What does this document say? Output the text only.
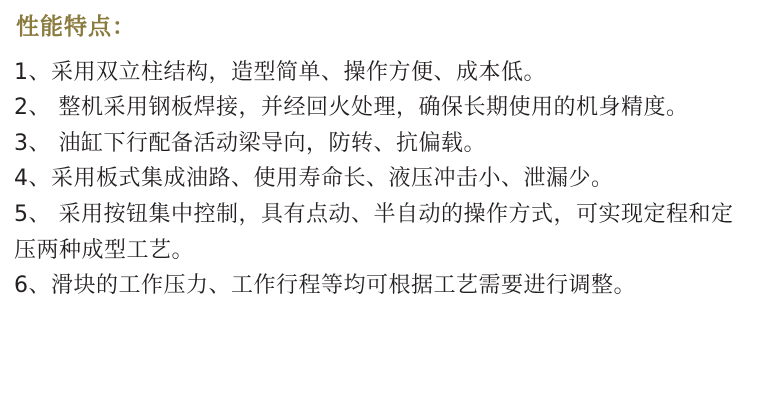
性能特点：
1、采用双立柱结构，造型简单、操作方便、成本低。
2、 整机采用钢板焊接，并经回火处理，确保长期使用的机身精度。
3、 油缸下行配备活动梁导向，防转、抗偏载。
4、采用板式集成油路、使用寿命长、液压冲击小、泄漏少。
5、 采用按钮集中控制，具有点动、半自动的操作方式，可实现定程和定压两种成型工艺。
6、滑块的工作压力、工作行程等均可根据工艺需要进行调整。
